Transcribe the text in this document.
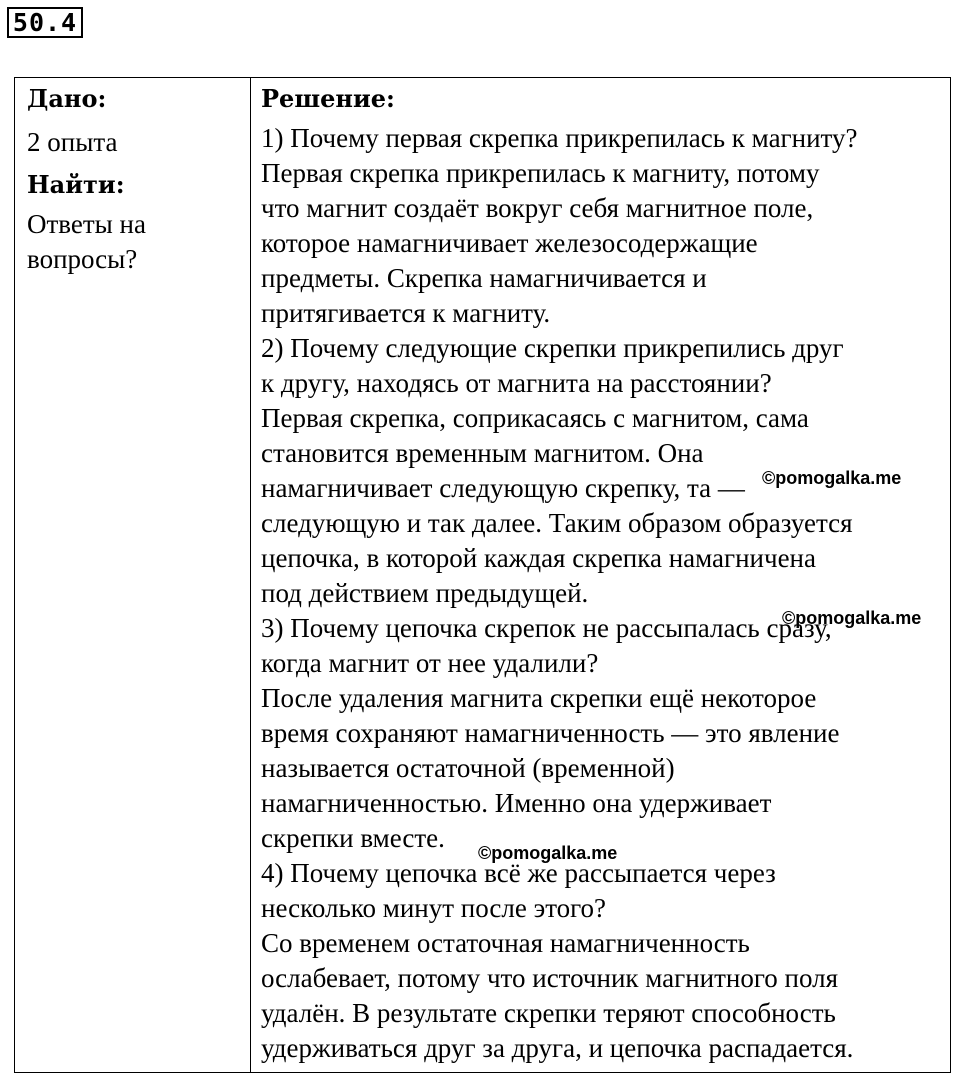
50.4
Дано:
2 опыта
Найти:
Ответы на
вопросы?
Решение:
1) Почему первая скрепка прикрепилась к магниту?
Первая скрепка прикрепилась к магниту, потому
что магнит создаёт вокруг себя магнитное поле,
которое намагничивает железосодержащие
предметы. Скрепка намагничивается и
притягивается к магниту.
2) Почему следующие скрепки прикрепились друг
к другу, находясь от магнита на расстоянии?
Первая скрепка, соприкасаясь с магнитом, сама
становится временным магнитом. Она
намагничивает следующую скрепку, та —
следующую и так далее. Таким образом образуется
цепочка, в которой каждая скрепка намагничена
под действием предыдущей.
3) Почему цепочка скрепок не рассыпалась сразу,
когда магнит от нее удалили?
После удаления магнита скрепки ещё некоторое
время сохраняют намагниченность — это явление
называется остаточной (временной)
намагниченностью. Именно она удерживает
скрепки вместе.
4) Почему цепочка всё же рассыпается через
несколько минут после этого?
Со временем остаточная намагниченность
ослабевает, потому что источник магнитного поля
удалён. В результате скрепки теряют способность
удерживаться друг за друга, и цепочка распадается.
©pomogalka.me
©pomogalka.me
©pomogalka.me
